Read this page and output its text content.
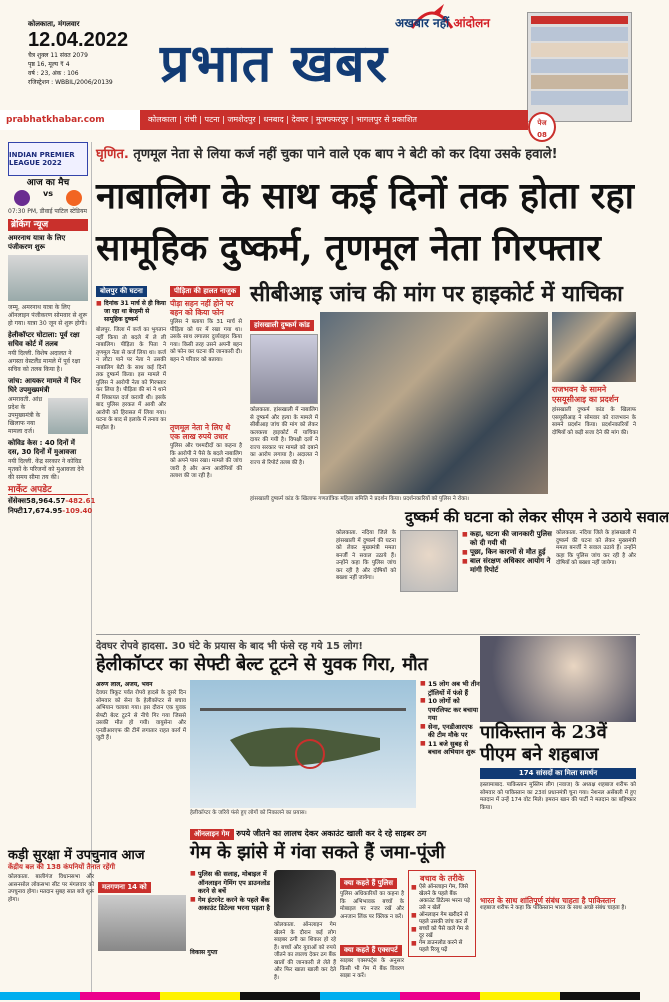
कोलकाता, मंगलवार
12.04.2022
चैत्र शुक्ल 11 संवत 2079
पृष्ठ 16, मूल्य ₹ 4
वर्ष : 23, अंक : 106
रजिस्ट्रेशन : WBBIL/2006/20139
अखबार नहीं आंदोलन
प्रभात खबर
prabhatkhabar.com	कोलकाता | रांची | पटना | जमशेदपुर | धनबाद | देवघर | मुजफ्फरपुर | भागलपुर से प्रकाशित	पेज
08
INDIAN PREMIER LEAGUE 2022
आज का मैच
vs
07:30 PM, डीवाई पाटिल स्टेडियम
ब्रेकिंग न्यूज
अमरनाथ यात्रा के लिए पंजीकरण शुरू
जम्मू. अमरनाथ यात्रा के लिए ऑनलाइन पंजीकरण सोमवार से शुरू हो गया। यात्रा 30 जून से शुरू होगी।
हेलीकॉप्टर घोटाला: पूर्व रक्षा सचिव कोर्ट में तलब
नयी दिल्ली. विशेष अदालत ने अगस्ता वेस्टलैंड मामले में पूर्व रक्षा सचिव को तलब किया है।
जांच: आयकर मामले में फिर घिरे उपमुख्यमंत्री
अमरावती. आंध्र प्रदेश के उपमुख्यमंत्री के खिलाफ नया मामला दर्ज।
कोविड केस : 40 दिनों में दस, 30 दिनों में मुआवजा
नयी दिल्ली. केंद्र सरकार ने कोविड मृतकों के परिजनों को मुआवजा देने की समय सीमा तय की।
मार्केट अपडेट
सेंसेक्स 58,964.57 -482.61
निफ्टी 17,674.95 -109.40
घृणित. तृणमूल नेता से लिया कर्ज नहीं चुका पाने वाले एक बाप ने बेटी को कर दिया उसके हवाले!
नाबालिग के साथ कई दिनों तक होता रहा
सामूहिक दुष्कर्म, तृणमूल नेता गिरफ्तार
सीबीआइ जांच की मांग पर हाइकोर्ट में याचिका
बोलपुर की घटना
■ दिनांक 31 मार्च से ही किया जा रहा था बेरहमी से सामूहिक दुष्कर्म
बोलपुर. जिला में कर्ज का भुगतान नहीं किया तो बदले में ले ली नाबालिग। पीड़िता के पिता ने तृणमूल नेता से कर्ज लिया था। कर्ज न लौटा पाने पर नेता ने उसकी नाबालिग बेटी के साथ कई दिनों तक दुष्कर्म किया। इस मामले में पुलिस ने आरोपी नेता को गिरफ्तार कर लिया है। पीड़िता की मां ने थाने में शिकायत दर्ज करायी थी। इसके बाद पुलिस हरकत में आयी और आरोपी को हिरासत में लिया गया। घटना के बाद से इलाके में तनाव का माहौल है।
पीड़िता की हालत नाजुक
पीड़ा सहन नहीं होने पर बहन को किया फोन
पुलिस ने बताया कि 31 मार्च से पीड़िता को घर में रखा गया था। उसके साथ लगातार दुर्व्यवहार किया गया। किसी तरह उसने अपनी बहन को फोन कर घटना की जानकारी दी। बहन ने परिवार को बताया।
तृणमूल नेता ने लिए थे एक लाख रुपये उधार
पुलिस और चश्मदीदों का कहना है कि आरोपी ने पैसे के बदले नाबालिग को अपने पास रखा। मामले की जांच जारी है और अन्य आरोपियों की तलाश की जा रही है।
हांसखाली दुष्कर्म कांड
कोलकाता. हांसखाली में नाबालिग से दुष्कर्म और हत्या के मामले में सीबीआइ जांच की मांग को लेकर कलकत्ता हाइकोर्ट में याचिका दायर की गयी है। विपक्षी दलों ने राज्य सरकार पर मामले को दबाने का आरोप लगाया है। अदालत ने राज्य से रिपोर्ट तलब की है।
हांसखाली दुष्कर्म कांड के खिलाफ गणतांत्रिक महिला समिति ने प्रदर्शन किया। प्रदर्शनकारियों को पुलिस ने रोका।
राजभवन के सामने एसयूसीआइ का प्रदर्शन
हांसखाली दुष्कर्म कांड के खिलाफ एसयूसीआइ ने सोमवार को राजभवन के सामने प्रदर्शन किया। प्रदर्शनकारियों ने दोषियों को कड़ी सजा देने की मांग की।
दुष्कर्म की घटना को लेकर सीएम ने उठाये सवाल
कोलकाता. नदिया जिले के हांसखाली में दुष्कर्म की घटना को लेकर मुख्यमंत्री ममता बनर्जी ने सवाल उठाये हैं। उन्होंने कहा कि पुलिस जांच कर रही है और दोषियों को बख्शा नहीं जायेगा।
■ कहा, घटना की जानकारी पुलिस को दी गयी थी
■ पूछा, किन कारणों से मौत हुई
■ बाल संरक्षण अधिकार आयोग ने मांगी रिपोर्ट
कोलकाता. नदिया जिले के हांसखाली में दुष्कर्म की घटना को लेकर मुख्यमंत्री ममता बनर्जी ने सवाल उठाये हैं। उन्होंने कहा कि पुलिस जांच कर रही है और दोषियों को बख्शा नहीं जायेगा।
देवघर रोपवे हादसा. 30 घंटे के प्रयास के बाद भी फंसे रह गये 15 लोग!
हेलीकॉप्टर का सेफ्टी बेल्ट टूटने से युवक गिरा, मौत
अरुण लाल, अजय, भवन
देवघर त्रिकूट पर्वत रोपवे हादसे के दूसरे दिन सोमवार को सेना के हेलीकॉप्टर से बचाव अभियान चलाया गया। इस दौरान एक युवक सेफ्टी बेल्ट टूटने से नीचे गिर गया जिससे उसकी मौत हो गयी। वायुसेना और एनडीआरएफ की टीमें लगातार राहत कार्य में जुटी हैं।
हेलीकॉप्टर के जरिये फंसे हुए लोगों को निकालने का प्रयास।
■ 15 लोग अब भी तीन ट्रॉलियों में फंसे हैं
■ 10 लोगों को एयरलिफ्ट कर बचाया गया
■ सेना, एनडीआरएफ की टीम मौके पर
■ 11 बजे सुबह से बचाव अभियान शुरू
पाकिस्तान के 23वें पीएम बने शहबाज
174 सांसदों का मिला समर्थन
इस्लामाबाद. पाकिस्तान मुस्लिम लीग (नवाज) के अध्यक्ष शहबाज शरीफ को सोमवार को पाकिस्तान का 23वां प्रधानमंत्री चुना गया। नेशनल असेंबली में हुए मतदान में उन्हें 174 वोट मिले। इमरान खान की पार्टी ने मतदान का बहिष्कार किया।
भारत के साथ शांतिपूर्ण संबंध चाहता है पाकिस्तान
शहबाज शरीफ ने कहा कि पाकिस्तान भारत के साथ अच्छे संबंध चाहता है।
ऑनलाइन गेम रुपये जीतने का लालच देकर अकाउंट खाली कर दे रहे साइबर ठग
गेम के झांसे में गंवा सकते हैं जमा-पूंजी
■ पुलिस की सलाह, मोबाइल में ऑनलाइन गेमिंग एप डाउनलोड करने से बचें
■ गेम इंटरनेट करने के पहले बैंक अकाउंट डिटेल्स भरना पड़ता है
विकास गुप्ता
कोलकाता. ऑनलाइन गेम खेलने के दौरान कई लोग साइबर ठगी का शिकार हो रहे हैं। बच्चों और युवाओं को रुपये जीतने का लालच देकर ठग बैंक खातों की जानकारी ले लेते हैं और फिर खाता खाली कर देते हैं।
क्या कहते हैं पुलिस
पुलिस अधिकारियों का कहना है कि अभिभावक बच्चों के मोबाइल पर नजर रखें और अनजान लिंक पर क्लिक न करें।
क्या कहते हैं एक्सपर्ट
साइबर एक्सपर्ट्स के अनुसार किसी भी गेम में बैंक विवरण साझा न करें।
बचाव के तरीके
■ ऐसे ऑनलाइन गेम, जिसे खेलने के पहले बैंक अकाउंट डिटेल्स भरना पड़े उसे न खेलें
■ ऑनलाइन गेम खरीदने से पहले उसकी जांच कर लें
■ बच्चों को पैसे वाले गेम से दूर रखें
■ गेम डाउनलोड करने से पहले रिव्यू पढ़ें
कड़ी सुरक्षा में उपचुनाव आज
केंद्रीय बल की 138 कंपनियों तैनात रहेंगी
कोलकाता. बालीगंज विधानसभा और आसनसोल लोकसभा सीट पर मंगलवार को उपचुनाव होगा। मतदान सुबह सात बजे शुरू होगा।
मतगणना 14 को
